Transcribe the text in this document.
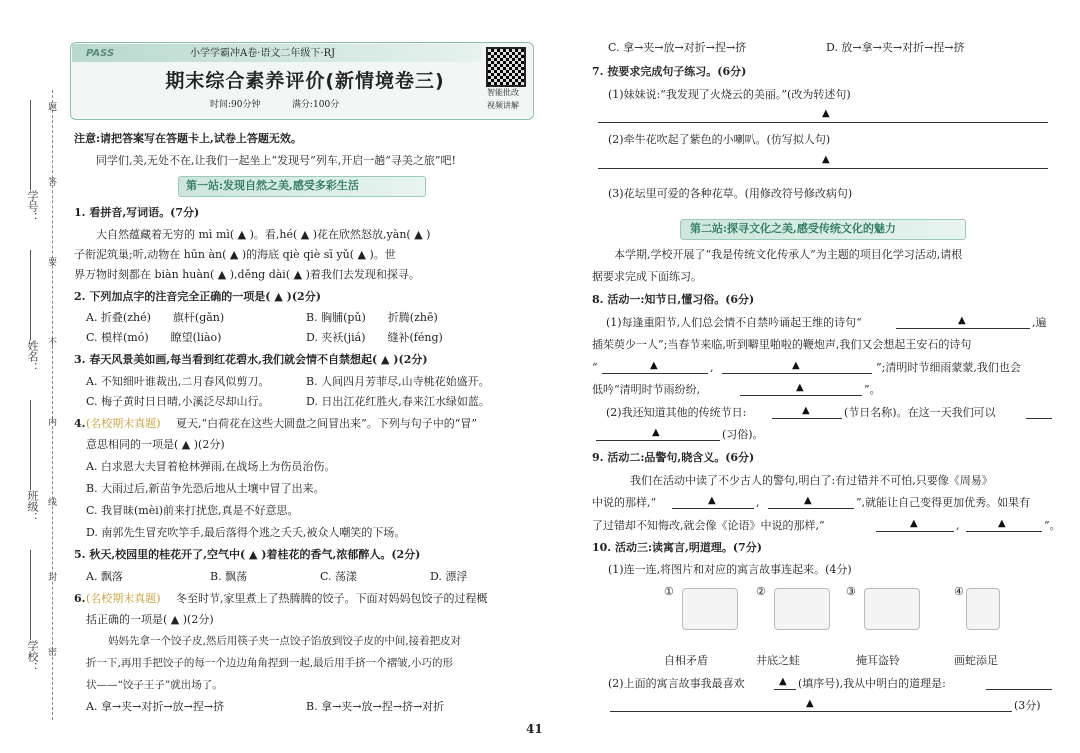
学号：
姓名：
班级：
学校：
题
答
要
不
内
线
封
密
PASS	小学学霸冲A卷·语文二年级下·RJ
期末综合素养评价(新情境卷三)
时间:90分钟	满分:100分
智能批改
视频讲解
注意:请把答案写在答题卡上,试卷上答题无效。
同学们,美,无处不在,让我们一起坐上“发现号”列车,开启一趟“寻美之旅”吧!
第一站:发现自然之美,感受多彩生活
1. 看拼音,写词语。(7分)
大自然蕴藏着无穷的 mì mì( ▲ )。看,hé( ▲ )花在欣然怒放,yàn( ▲ )
子衔泥筑巢;听,动物在 hūn àn( ▲ )的海底 qiè qiè sī yǔ( ▲ )。世
界万物时刻都在 biàn huàn( ▲ ),děng dài( ▲ )着我们去发现和探寻。
2. 下列加点字的注音完全正确的一项是( ▲ )(2分)
A. 折叠(zhé)　　旗杆(gǎn)	B. 胸脯(pǔ)　　折腾(zhē)
C. 模样(mó)　　瞭望(liào)	D. 夹袄(jiá)　　缝补(féng)
3. 春天风景美如画,每当看到红花碧水,我们就会情不自禁想起( ▲ )(2分)
A. 不知细叶谁裁出,二月春风似剪刀。	B. 人间四月芳菲尽,山寺桃花始盛开。
C. 梅子黄时日日晴,小溪泛尽却山行。	D. 日出江花红胜火,春来江水绿如蓝。
4. (名校期末真题) 夏天,“白荷花在这些大圆盘之间冒出来”。下列与句子中的“冒”
意思相同的一项是( ▲ )(2分)
A. 白求恩大夫冒着枪林弹雨,在战场上为伤员治伤。
B. 大雨过后,新苗争先恐后地从土壤中冒了出来。
C. 我冒昧(mèi)前来打扰您,真是不好意思。
D. 南郭先生冒充吹竽手,最后落得个逃之夭夭,被众人嘲笑的下场。
5. 秋天,校园里的桂花开了,空气中( ▲ )着桂花的香气,浓郁醉人。(2分)
A. 飘落	B. 飘荡	C. 荡漾	D. 漂浮
6. (名校期末真题) 冬至时节,家里煮上了热腾腾的饺子。下面对妈妈包饺子的过程概
括正确的一项是( ▲ )(2分)
妈妈先拿一个饺子皮,然后用筷子夹一点饺子馅放到饺子皮的中间,接着把皮对
折一下,再用手把饺子的每一个边边角角捏到一起,最后用手挤一个褶皱,小巧的形
状——“饺子王子”就出场了。
A. 拿→夹→对折→放→捏→挤	B. 拿→夹→放→捏→挤→对折
C. 拿→夹→放→对折→捏→挤	D. 放→拿→夹→对折→捏→挤
7. 按要求完成句子练习。(6分)
(1)妹妹说:“我发现了火烧云的美丽。”(改为转述句)
▲
(2)牵牛花吹起了紫色的小喇叭。(仿写拟人句)
▲
(3)花坛里可爱的各种花草。(用修改符号修改病句)
第二站:探寻文化之美,感受传统文化的魅力
本学期,学校开展了“我是传统文化传承人”为主题的项目化学习活动,请根
据要求完成下面练习。
8. 活动一:知节日,懂习俗。(6分)
(1)每逢重阳节,人们总会情不自禁吟诵起王维的诗句“	▲	,遍
插茱萸少一人”;当春节来临,听到噼里啪啦的鞭炮声,我们又会想起王安石的诗句
“	▲	,	▲	”;清明时节细雨蒙蒙,我们也会
低吟“清明时节雨纷纷,	▲	”。
(2)我还知道其他的传统节日:	▲	(节日名称)。在这一天我们可以
▲	(习俗)。
9. 活动二:品警句,晓含义。(6分)
我们在活动中读了不少古人的警句,明白了:有过错并不可怕,只要像《周易》
中说的那样,“	▲	,	▲	”,就能让自己变得更加优秀。如果有
了过错却不知悔改,就会像《论语》中说的那样,“	▲	,	▲	”。
10. 活动三:读寓言,明道理。(7分)
(1)连一连,将图片和对应的寓言故事连起来。(4分)
①	②	③	④
自相矛盾	井底之蛙	掩耳盗铃	画蛇添足
(2)上面的寓言故事我最喜欢	▲ (填序号),我从中明白的道理是:
▲	(3分)
41
